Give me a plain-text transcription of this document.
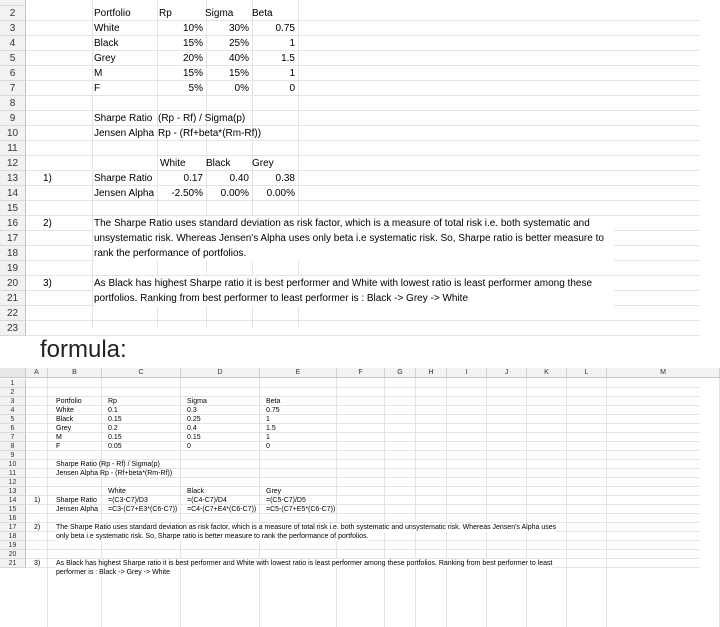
23
22
21
20
19
18
17
16
15
14
13
12
11
10
9
8
7
6
5
4
3
2	Portfolio	Rp	Sigma Beta
White	10%	30%	0.75
Black	15%	25%	1
Grey	20%	40%	1.5
M	15%	15%	1
F	5%	0%	0
Sharpe Ratio (Rp - Rf) / Sigma(p)
Jensen Alpha Rp - (Rf+beta*(Rm-Rf))
White Black Grey
1)	Sharpe Ratio	0.17	0.40	0.38
Jensen Alpha	-2.50%	0.00%	0.00%
2)	The Sharpe Ratio uses standard deviation as risk factor, which is a measure of total risk i.e. both systematic and unsystematic risk. Whereas Jensen's Alpha uses only beta i.e systematic risk. So, Sharpe ratio is better measure to rank the performance of portfolios.
3)	As Black has highest Sharpe ratio it is best performer and White with lowest ratio is least performer among these portfolios. Ranking from best performer to least performer is : Black -> Grey -> White
formula:
Portfolio	Rp	Sigma	Beta
White	0.1	0.3	0.75
Black	0.15	0.25	1
Grey	0.2	0.4	1.5
M	0.15	0.15	1
F	0.05	0	0
Sharpe Ratio (Rp - Rf) / Sigma(p)
Jensen Alpha Rp - (Rf+beta*(Rm-Rf))
White	Black	Grey
1) Sharpe Ratio =(C3-C7)/D3	=(C4-C7)/D4	=(C5-C7)/D5
Jensen Alpha =C3-(C7+E3*(C6-C7))	=C4-(C7+E4*(C6-C7))	=C5-(C7+E5*(C6-C7))
2) The Sharpe Ratio uses standard deviation as risk factor, which is a measure of total risk i.e. both systematic and unsystematic risk. Whereas Jensen's Alpha uses
only beta i.e systematic risk. So, Sharpe ratio is better measure to rank the performance of portfolios.
3) As Black has highest Sharpe ratio it is best performer and White with lowest ratio is least performer among these portfolios. Ranking from best performer to least
performer is : Black -> Grey -> White
A	B	C	D	E	F	G	H	I	J	K	L	M
1
2
3
4
5
6
7
8
9
10
11
12
13
14
15
16
17
18
19
20
21
